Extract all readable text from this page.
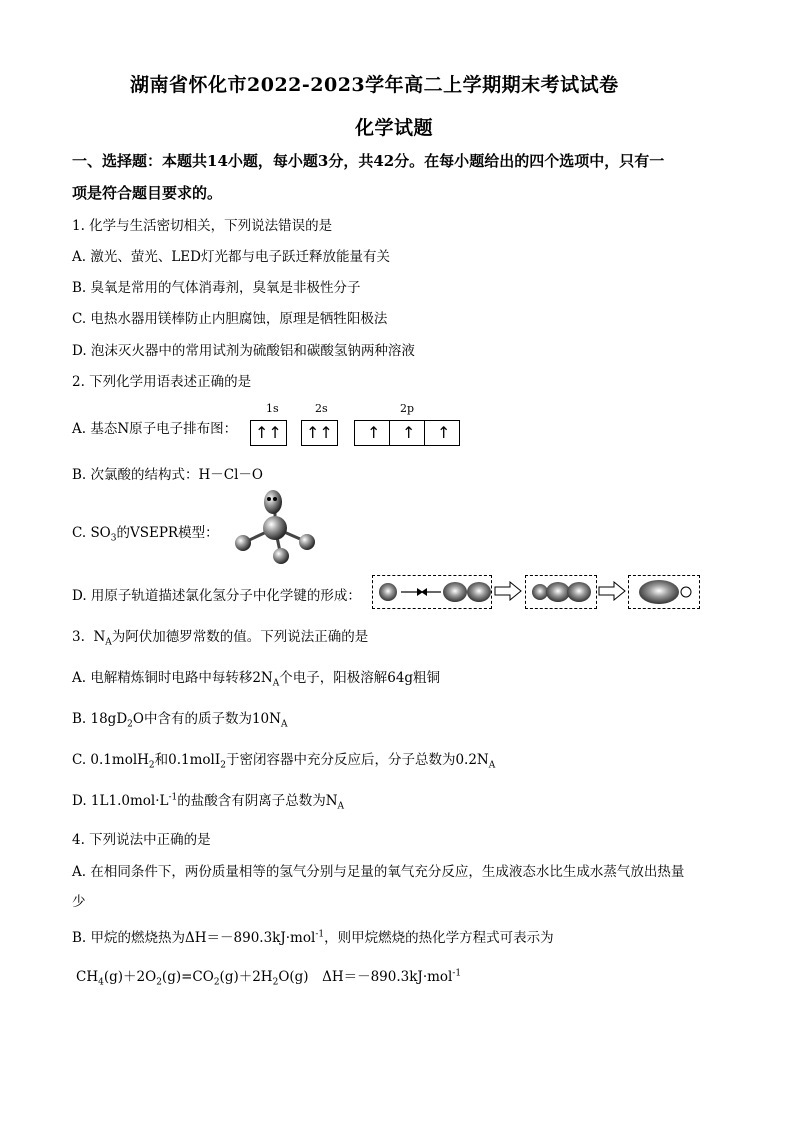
湖南省怀化市2022-2023学年高二上学期期末考试试卷
化学试题
一、选择题：本题共14小题，每小题3分，共42分。在每小题给出的四个选项中，只有一
项是符合题目要求的。
1. 化学与生活密切相关，下列说法错误的是
A. 激光、萤光、LED灯光都与电子跃迁释放能量有关
B. 臭氧是常用的气体消毒剂，臭氧是非极性分子
C. 电热水器用镁棒防止内胆腐蚀，原理是牺牲阳极法
D. 泡沫灭火器中的常用试剂为硫酸铝和碳酸氢钠两种溶液
2. 下列化学用语表述正确的是
A. 基态N原子电子排布图：
1s	2s	2p
↑↑ ↑↑ ↑ ↑ ↑
B. 次氯酸的结构式：H－Cl－O
C. $SO_3$的VSEPR模型：
D. 用原子轨道描述氯化氢分子中化学键的形成：
3.  $N_A$为阿伏加德罗常数的值。下列说法正确的是
A. 电解精炼铜时电路中每转移$2N_A$个电子，阳极溶解64g粗铜
B. $18gD_2O$中含有的质子数为$10N_A$
C. 0.1molH$_2$和0.1molI$_2$于密闭容器中充分反应后，分子总数为$0.2N_A$
D. $1L1.0mol\cdot L^{-1}$的盐酸含有阴离子总数为$N_A$
4. 下列说法中正确的是
A. 在相同条件下，两份质量相等的氢气分别与足量的氧气充分反应，生成液态水比生成水蒸气放出热量
少
B. 甲烷的燃烧热为ΔH＝－890.3kJ·mol$^{-1}$，则甲烷燃烧的热化学方程式可表示为
$CH_4(g)+2O_2(g)=CO_2(g)+2H_2O(g)$　ΔH＝－890.3kJ·mol$^{-1}$
